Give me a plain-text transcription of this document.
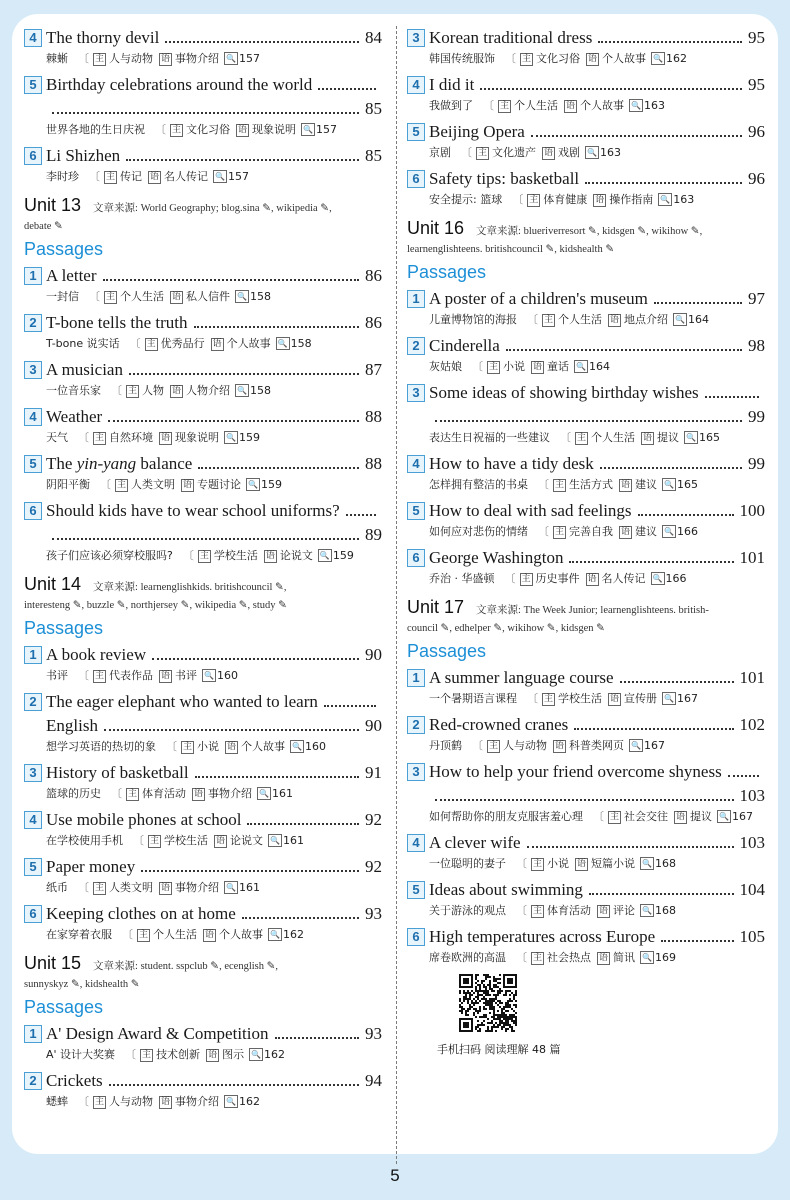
4 The thorny devil	84
棘蜥 〔 主 人与动物 语 事物介绍 🔍 157
5 Birthday celebrations around the world
85
世界各地的生日庆祝 〔 主 文化习俗 语 现象说明 🔍 157
6 Li Shizhen	85
李时珍 〔 主 传记 语 名人传记 🔍 157
Unit 13 文章来源: World Geography; blog.sina ✎, wikipedia ✎,
debate ✎
Passages
1 A letter	86
一封信 〔 主 个人生活 语 私人信件 🔍 158
2 T-bone tells the truth	86
T-bone 说实话 〔 主 优秀品行 语 个人故事 🔍 158
3 A musician	87
一位音乐家 〔 主 人物 语 人物介绍 🔍 158
4 Weather	88
天气 〔 主 自然环境 语 现象说明 🔍 159
5 The yin-yang balance	88
阴阳平衡 〔 主 人类文明 语 专题讨论 🔍 159
6 Should kids have to wear school uniforms?
89
孩子们应该必须穿校服吗? 〔 主 学校生活 语 论说文 🔍 159
Unit 14 文章来源: learnenglishkids. britishcouncil ✎,
interesteng ✎, buzzle ✎, northjersey ✎, wikipedia ✎, study ✎
Passages
1 A book review	90
书评 〔 主 代表作品 语 书评 🔍 160
2 The eager elephant who wanted to learn
English	90
想学习英语的热切的象 〔 主 小说 语 个人故事 🔍 160
3 History of basketball	91
篮球的历史 〔 主 体育活动 语 事物介绍 🔍 161
4 Use mobile phones at school	92
在学校使用手机 〔 主 学校生活 语 论说文 🔍 161
5 Paper money	92
纸币 〔 主 人类文明 语 事物介绍 🔍 161
6 Keeping clothes on at home	93
在家穿着衣服 〔 主 个人生活 语 个人故事 🔍 162
Unit 15 文章来源: student. sspclub ✎, ecenglish ✎,
sunnyskyz ✎, kidshealth ✎
Passages
1 A' Design Award & Competition	93
A' 设计大奖赛 〔 主 技术创新 语 图示 🔍 162
2 Crickets	94
蟋蟀 〔 主 人与动物 语 事物介绍 🔍 162
3 Korean traditional dress	95
韩国传统服饰 〔 主 文化习俗 语 个人故事 🔍 162
4 I did it	95
我做到了 〔 主 个人生活 语 个人故事 🔍 163
5 Beijing Opera	96
京剧 〔 主 文化遗产 语 戏剧 🔍 163
6 Safety tips: basketball	96
安全提示: 篮球 〔 主 体育健康 语 操作指南 🔍 163
Unit 16 文章来源: blueriverresort ✎, kidsgen ✎, wikihow ✎,
learnenglishteens. britishcouncil ✎, kidshealth ✎
Passages
1 A poster of a children's museum	97
儿童博物馆的海报 〔 主 个人生活 语 地点介绍 🔍 164
2 Cinderella	98
灰姑娘 〔 主 小说 语 童话 🔍 164
3 Some ideas of showing birthday wishes
99
表达生日祝福的一些建议 〔 主 个人生活 语 提议 🔍 165
4 How to have a tidy desk	99
怎样拥有整洁的书桌 〔 主 生活方式 语 建议 🔍 165
5 How to deal with sad feelings	100
如何应对悲伤的情绪 〔 主 完善自我 语 建议 🔍 166
6 George Washington	101
乔治 · 华盛顿 〔 主 历史事件 语 名人传记 🔍 166
Unit 17 文章来源: The Week Junior; learnenglishteens. british-
council ✎, edhelper ✎, wikihow ✎, kidsgen ✎
Passages
1 A summer language course	101
一个暑期语言课程 〔 主 学校生活 语 宣传册 🔍 167
2 Red-crowned cranes	102
丹顶鹤 〔 主 人与动物 语 科普类网页 🔍 167
3 How to help your friend overcome shyness
103
如何帮助你的朋友克服害羞心理 〔 主 社会交往 语 提议 🔍 167
4 A clever wife	103
一位聪明的妻子 〔 主 小说 语 短篇小说 🔍 168
5 Ideas about swimming	104
关于游泳的观点 〔 主 体育活动 语 评论 🔍 168
6 High temperatures across Europe	105
席卷欧洲的高温 〔 主 社会热点 语 简讯 🔍 169
手机扫码 阅读理解 48 篇
5
